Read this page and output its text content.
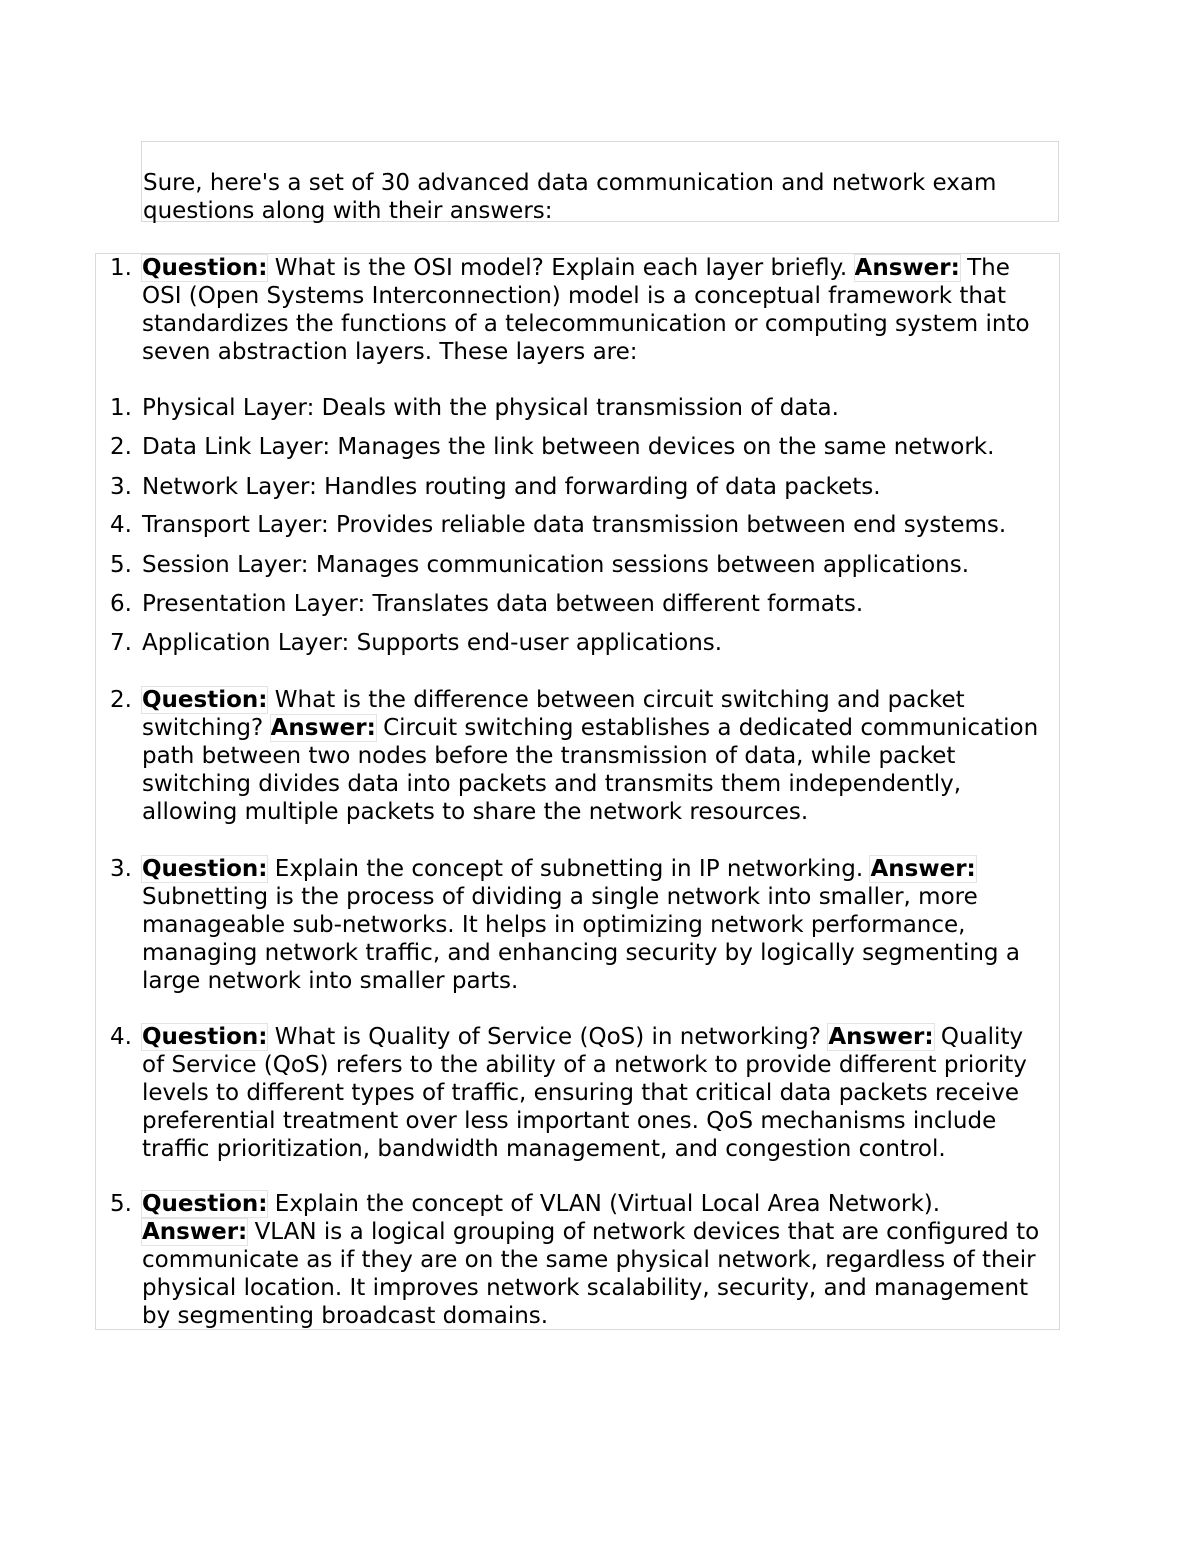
Sure, here's a set of 30 advanced data communication and network exam questions along with their answers:
1. Question: What is the OSI model? Explain each layer briefly. Answer: The OSI (Open Systems Interconnection) model is a conceptual framework that standardizes the functions of a telecommunication or computing system into seven abstraction layers. These layers are:
1. Physical Layer: Deals with the physical transmission of data.
2. Data Link Layer: Manages the link between devices on the same network.
3. Network Layer: Handles routing and forwarding of data packets.
4. Transport Layer: Provides reliable data transmission between end systems.
5. Session Layer: Manages communication sessions between applications.
6. Presentation Layer: Translates data between different formats.
7. Application Layer: Supports end-user applications.
2. Question: What is the difference between circuit switching and packet switching? Answer: Circuit switching establishes a dedicated communication path between two nodes before the transmission of data, while packet switching divides data into packets and transmits them independently, allowing multiple packets to share the network resources.
3. Question: Explain the concept of subnetting in IP networking. Answer: Subnetting is the process of dividing a single network into smaller, more manageable sub-networks. It helps in optimizing network performance, managing network traffic, and enhancing security by logically segmenting a large network into smaller parts.
4. Question: What is Quality of Service (QoS) in networking? Answer: Quality of Service (QoS) refers to the ability of a network to provide different priority levels to different types of traffic, ensuring that critical data packets receive preferential treatment over less important ones. QoS mechanisms include traffic prioritization, bandwidth management, and congestion control.
5. Question: Explain the concept of VLAN (Virtual Local Area Network). Answer: VLAN is a logical grouping of network devices that are configured to communicate as if they are on the same physical network, regardless of their physical location. It improves network scalability, security, and management by segmenting broadcast domains.
